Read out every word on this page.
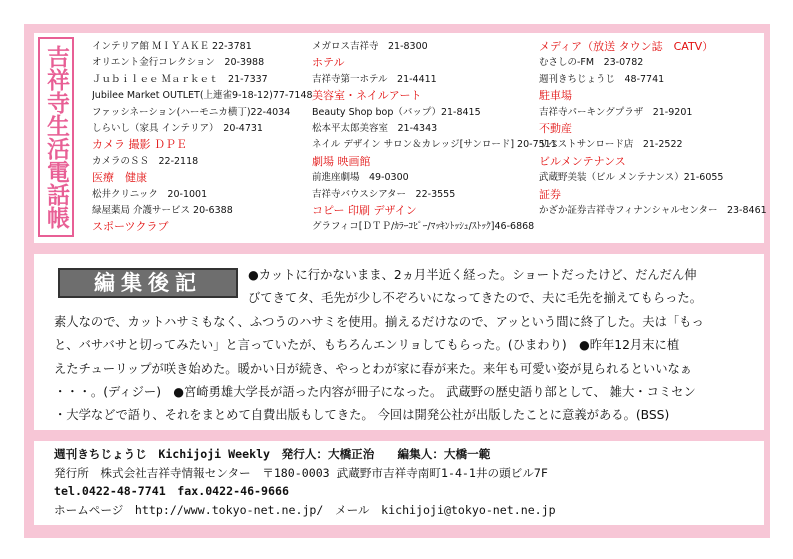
吉祥寺生活電話帳 インテリア館 ＭＩＹＡＫＥ 22-3781
オリエント金行コレクション　20-3988
Ｊｕｂｉｌｅｅ Ｍａｒｋｅｔ　21-7337
Jubilee Market OUTLET(上連雀9-18-12)77-7148
ファッシネーション(ハーモニカ横丁)22-4034
しらいし（家具 インテリア）　20-4731
カメラ 撮影 ＤＰＥ
カメラのＳＳ　22-2118
医療　健康
松井クリニック　20-1001
緑屋薬局 介護サービス 20-6388
スポーツクラブ
メガロス吉祥寺　21-8300
ホテル
吉祥寺第一ホテル　21-4411
美容室・ネイルアート
Beauty Shop bop（バップ）21-8415
松本平太郎美容室　21-4343
ネイル デザイン サロン＆カレッジ[サンロード] 20-7511
劇場 映画館
前進座劇場　49-0300
吉祥寺バウスシアター　22-3555
コピー 印刷 デザイン
グラフィコ[ＤＴＰ/ｶﾗｰｺﾋﾟｰ/ﾏｯｷﾝﾄｯｼｭ/ｽﾄｯｸ]46-6868
メディア（放送 タウン誌　CATV）
むさしの-FM　23-0782
週刊きちじょうじ　48-7741
駐車場
吉祥寺パーキングプラザ　21-9201
不動産
リベストサンロード店　21-2522
ビルメンテナンス
武蔵野美装（ビル メンテナンス）21-6055
証券
かざか証券吉祥寺フィナンシャルセンター　23-8461
編集後記	●カットに行かないまま、2ヵ月半近く経った。ショートだったけど、だんだん伸
びてきてタ、毛先が少し不ぞろいになってきたので、夫に毛先を揃えてもらった。
素人なので、カットハサミもなく、ふつうのハサミを使用。揃えるだけなので、アッという間に終了した。夫は「もっ
と、バサバサと切ってみたい」と言っていたが、もちろんエンリョしてもらった。(ひまわり)　●昨年12月末に植
えたチューリップが咲き始めた。暖かい日が続き、やっとわが家に春が来た。来年も可愛い姿が見られるといいなぁ
・・・。(ディジー)　●宮崎勇雄大学長が語った内容が冊子になった。 武蔵野の歴史語り部として、 雑大・コミセン
・大学などで語り、それをまとめて自費出版もしてきた。 今回は開発公社が出版したことに意義がある。(BSS)
週刊きちじょうじ　Kichijoji Weekly　発行人：大橋正治　　編集人：大橋一範
発行所　株式会社吉祥寺情報センター　〒180-0003 武蔵野市吉祥寺南町1-4-1井の頭ビル7F
tel.0422-48-7741　fax.0422-46-9666
ホームページ　http://www.tokyo-net.ne.jp/　メール　kichijoji@tokyo-net.ne.jp
